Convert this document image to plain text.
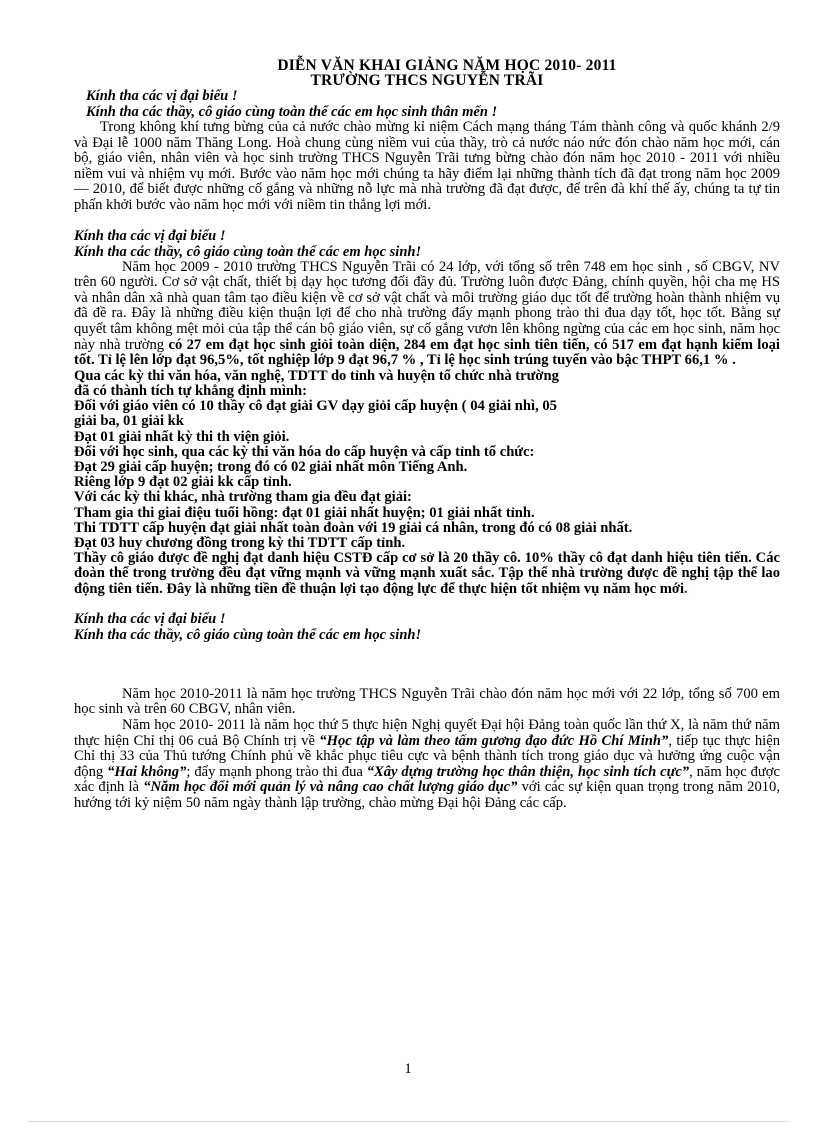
DIỄN VĂN KHAI GIẢNG NĂM HỌC 2010- 2011
TRƯỜNG THCS NGUYỄN TRÃI
Kính tha các vị đại biểu !
Kính tha các thầy, cô giáo cùng toàn thể các em học sinh thân mến !

Trong không khí tưng bừng của cả nước chào mừng kỉ niệm Cách mạng tháng Tám thành công và quốc khánh 2/9 và Đại lễ 1000 năm Thăng Long. Hoà chung cùng niềm vui của thầy, trò cả nước náo nức đón chào năm học mới, cán bộ, giáo viên, nhân viên và học sinh trường THCS Nguyễn Trãi tưng bừng chào đón năm học 2010 - 2011 với nhiều niềm vui và nhiệm vụ mới. Bước vào năm học mới chúng ta hãy điểm lại những thành tích đã đạt trong năm học 2009 — 2010, để biết được những cố gắng và những nỗ lực mà nhà trường đã đạt được, để trên đà khí thế ấy, chúng ta tự tin phấn khởi bước vào năm học mới với niềm tin thắng lợi mới.

Kính tha các vị đại biểu !
Kính tha các thầy, cô giáo cùng toàn thể các em học sinh!

Năm học 2009 - 2010 trường THCS Nguyễn Trãi có 24 lớp, với tổng số trên 748 em học sinh , số CBGV, NV trên 60 người. Cơ sở vật chất, thiết bị dạy học tương đối đầy đủ. Trường luôn được Đảng, chính quyền, hội cha mẹ HS và nhân dân xã nhà quan tâm tạo điều kiện về cơ sở vật chất và môi trường giáo dục tốt để trường hoàn thành nhiệm vụ đã đề ra. Đây là những điều kiện thuận lợi để cho nhà trường đẩy mạnh phong trào thi đua dạy tốt, học tốt. Bằng sự quyết tâm không mệt mỏi của tập thể cán bộ giáo viên, sự cố gắng vươn lên không ngừng của các em học sinh, năm học này nhà trường có 27 em đạt học sinh giỏi toàn diện, 284 em đạt học sinh tiên tiến, có 517 em đạt hạnh kiểm loại tốt. Tỉ lệ lên lớp đạt 96,5%, tốt nghiệp lớp 9 đạt 96,7 % , Tỉ lệ học sinh trúng tuyển vào bậc THPT 66,1 % .

Qua các kỳ thi văn hóa, văn nghệ, TDTT do tỉnh và huyện tổ chức nhà trường
đã có thành tích tự khẳng định mình:
Đối với giáo viên có 10 thầy cô đạt giải GV dạy giỏi cấp huyện ( 04 giải nhì, 05
giải ba, 01 giải kk
Đạt 01 giải nhất kỳ thi th viện giỏi.
Đối với học sinh, qua các kỳ thi văn hóa do cấp huyện và cấp tỉnh tổ chức:
Đạt 29 giải cấp huyện; trong đó có 02 giải nhất môn Tiếng Anh.
Riêng lớp 9 đạt 02 giải kk cấp tỉnh.
Với các kỳ thi khác, nhà trường tham gia đều đạt giải:
Tham gia thi giai điệu tuổi hồng: đạt 01 giải nhất huyện; 01 giải nhất tỉnh.
Thi TDTT cấp huyện đạt giải nhất toàn đoàn với 19 giải cá nhân, trong đó có 08 giải nhất.
Đạt 03 huy chương đồng trong kỳ thi TDTT cấp tỉnh.

Thầy cô giáo được đề nghị đạt danh hiệu CSTĐ cấp cơ sở là 20 thầy cô. 10% thầy cô đạt danh hiệu tiên tiến. Các đoàn thể trong trường đều đạt vững mạnh và vững mạnh xuất sắc. Tập thể nhà trường được đề nghị tập thể lao động tiên tiến. Đây là những tiền đề thuận lợi tạo động lực để thực hiện tốt nhiệm vụ năm học mới.

Kính tha các vị đại biểu !
Kính tha các thầy, cô giáo cùng toàn thể các em học sinh!

Năm học 2010-2011 là năm học trường THCS Nguyễn Trãi chào đón năm học mới với 22 lớp, tổng số 700 em học sinh và trên 60 CBGV, nhân viên.

Năm học 2010- 2011 là năm học thứ 5 thực hiện Nghị quyết Đại hội Đảng toàn quốc lần thứ X, là năm thứ năm thực hiện Chỉ thị 06 cuả Bộ Chính trị về “Học tập và làm theo tấm gương đạo đức Hồ Chí Minh”, tiếp tục thực hiện Chỉ thị 33 của Thủ tướng Chính phủ về khắc phục tiêu cực và bệnh thành tích trong giáo dục và hưởng ứng cuộc vận động “Hai không”; đẩy mạnh phong trào thi đua “Xây dựng trường học thân thiện, học sinh tích cực”, năm học được xác định là “Năm học đổi mới quản lý và nâng cao chất lượng giáo dục” với các sự kiện quan trọng trong năm 2010, hướng tới kỷ niệm 50 năm ngày thành lập trường, chào mừng Đại hội Đảng các cấp.

1
